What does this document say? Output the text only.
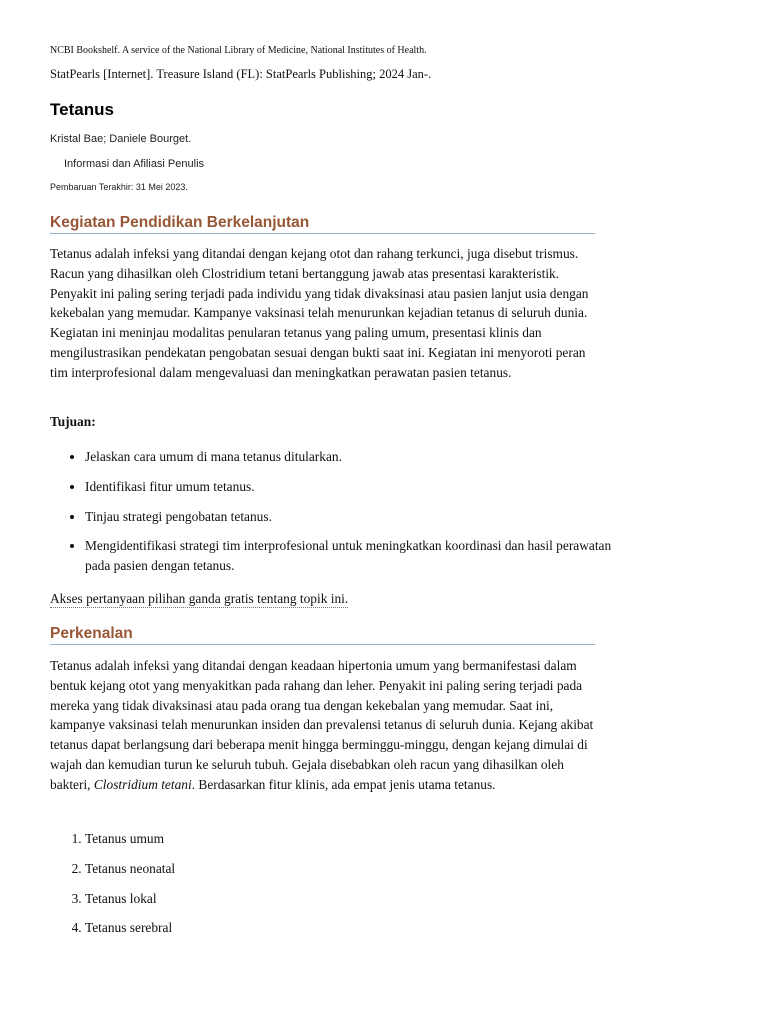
NCBI Bookshelf. A service of the National Library of Medicine, National Institutes of Health.
StatPearls [Internet]. Treasure Island (FL): StatPearls Publishing; 2024 Jan-.
Tetanus
Kristal Bae; Daniele Bourget.
Informasi dan Afiliasi Penulis
Pembaruan Terakhir: 31 Mei 2023.
Kegiatan Pendidikan Berkelanjutan

Tetanus adalah infeksi yang ditandai dengan kejang otot dan rahang terkunci, juga disebut trismus. Racun yang dihasilkan oleh Clostridium tetani bertanggung jawab atas presentasi karakteristik. Penyakit ini paling sering terjadi pada individu yang tidak divaksinasi atau pasien lanjut usia dengan kekebalan yang memudar. Kampanye vaksinasi telah menurunkan kejadian tetanus di seluruh dunia. Kegiatan ini meninjau modalitas penularan tetanus yang paling umum, presentasi klinis dan mengilustrasikan pendekatan pengobatan sesuai dengan bukti saat ini. Kegiatan ini menyoroti peran tim interprofesional dalam mengevaluasi dan meningkatkan perawatan pasien tetanus.

Tujuan:
• Jelaskan cara umum di mana tetanus ditularkan.
• Identifikasi fitur umum tetanus.
• Tinjau strategi pengobatan tetanus.
• Mengidentifikasi strategi tim interprofesional untuk meningkatkan koordinasi dan hasil perawatan pada pasien dengan tetanus.
Akses pertanyaan pilihan ganda gratis tentang topik ini.
Perkenalan

Tetanus adalah infeksi yang ditandai dengan keadaan hipertonia umum yang bermanifestasi dalam bentuk kejang otot yang menyakitkan pada rahang dan leher. Penyakit ini paling sering terjadi pada mereka yang tidak divaksinasi atau pada orang tua dengan kekebalan yang memudar. Saat ini, kampanye vaksinasi telah menurunkan insiden dan prevalensi tetanus di seluruh dunia. Kejang akibat tetanus dapat berlangsung dari beberapa menit hingga berminggu-minggu, dengan kejang dimulai di wajah dan kemudian turun ke seluruh tubuh. Gejala disebabkan oleh racun yang dihasilkan oleh bakteri, Clostridium tetani. Berdasarkan fitur klinis, ada empat jenis utama tetanus.

1. Tetanus umum
2. Tetanus neonatal
3. Tetanus lokal
4. Tetanus serebral
